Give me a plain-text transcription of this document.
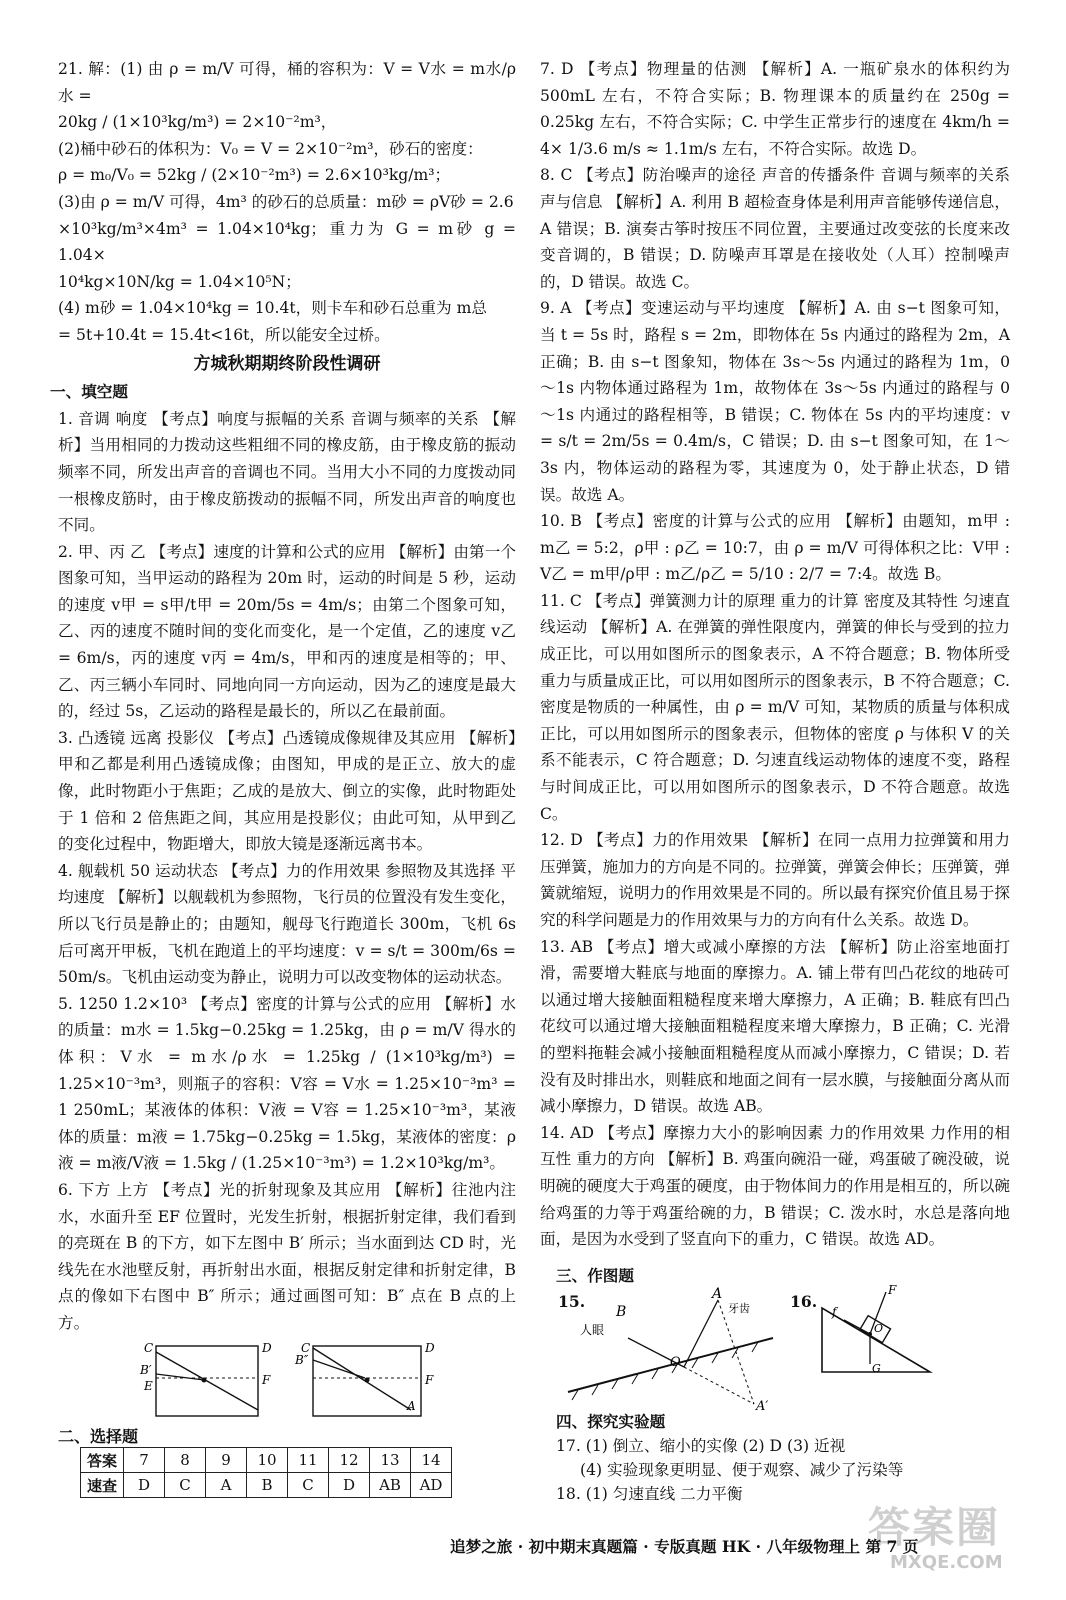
21. 解：(1) 由 ρ = m/V 可得，桶的容积为：V = V水 = m水/ρ水 =

20kg / (1×10³kg/m³) = 2×10⁻²m³，

(2)桶中砂石的体积为：V₀ = V = 2×10⁻²m³，砂石的密度：

ρ = m₀/V₀ = 52kg / (2×10⁻²m³) = 2.6×10³kg/m³；

(3)由 ρ = m/V 可得，4m³ 的砂石的总质量：m砂 = ρV砂 = 2.6

×10³kg/m³×4m³ = 1.04×10⁴kg；重力为 G = m砂 g = 1.04×

10⁴kg×10N/kg = 1.04×10⁵N；

(4) m砂 = 1.04×10⁴kg = 10.4t，则卡车和砂石总重为 m总

= 5t+10.4t = 15.4t<16t，所以能安全过桥。

方城秋期期终阶段性调研
一、填空题

1. 音调 响度 【考点】响度与振幅的关系 音调与频率的关系 【解析】当用相同的力拨动这些粗细不同的橡皮筋，由于橡皮筋的振动频率不同，所发出声音的音调也不同。当用大小不同的力度拨动同一根橡皮筋时，由于橡皮筋拨动的振幅不同，所发出声音的响度也不同。

2. 甲、丙 乙 【考点】速度的计算和公式的应用 【解析】由第一个图象可知，当甲运动的路程为 20m 时，运动的时间是 5 秒，运动的速度 v甲 = s甲/t甲 = 20m/5s = 4m/s；由第二个图象可知，乙、丙的速度不随时间的变化而变化，是一个定值，乙的速度 v乙 = 6m/s，丙的速度 v丙 = 4m/s，甲和丙的速度是相等的；甲、乙、丙三辆小车同时、同地向同一方向运动，因为乙的速度是最大的，经过 5s，乙运动的路程是最长的，所以乙在最前面。

3. 凸透镜 远离 投影仪 【考点】凸透镜成像规律及其应用 【解析】甲和乙都是利用凸透镜成像；由图知，甲成的是正立、放大的虚像，此时物距小于焦距；乙成的是放大、倒立的实像，此时物距处于 1 倍和 2 倍焦距之间，其应用是投影仪；由此可知，从甲到乙的变化过程中，物距增大，即放大镜是逐渐远离书本。

4. 舰载机 50 运动状态 【考点】力的作用效果 参照物及其选择 平均速度 【解析】以舰载机为参照物，飞行员的位置没有发生变化，所以飞行员是静止的；由题知，舰母飞行跑道长 300m，飞机 6s 后可离开甲板，飞机在跑道上的平均速度：v = s/t = 300m/6s = 50m/s。飞机由运动变为静止，说明力可以改变物体的运动状态。

5. 1250 1.2×10³ 【考点】密度的计算与公式的应用 【解析】水的质量：m水 = 1.5kg−0.25kg = 1.25kg，由 ρ = m/V 得水的体积：V水 = m水/ρ水 = 1.25kg / (1×10³kg/m³) = 1.25×10⁻³m³，则瓶子的容积：V容 = V水 = 1.25×10⁻³m³ = 1 250mL；某液体的体积：V液 = V容 = 1.25×10⁻³m³，某液体的质量：m液 = 1.75kg−0.25kg = 1.5kg，某液体的密度：ρ液 = m液/V液 = 1.5kg / (1.25×10⁻³m³) = 1.2×10³kg/m³。

6. 下方 上方 【考点】光的折射现象及其应用 【解析】往池内注水，水面升至 EF 位置时，光发生折射，根据折射定律，我们看到的亮斑在 B 的下方，如下左图中 B′ 所示；当水面到达 CD 时，光线先在水池壁反射，再折射出水面，根据反射定律和折射定律，B 点的像如下右图中 B″ 所示；通过画图可知：B″ 点在 B 点的上方。

C	D
B′
E	F
C	D
B″
F
A
二、选择题
答案	7	8	9	10	11	12	13	14
速查	D	C	A	B	C	D	AB	AD

7. D 【考点】物理量的估测 【解析】A. 一瓶矿泉水的体积约为 500mL 左右，不符合实际；B. 物理课本的质量约在 250g = 0.25kg 左右，不符合实际；C. 中学生正常步行的速度在 4km/h = 4× 1/3.6 m/s ≈ 1.1m/s 左右，不符合实际。故选 D。

8. C 【考点】防治噪声的途径 声音的传播条件 音调与频率的关系 声与信息 【解析】A. 利用 B 超检查身体是利用声音能够传递信息，A 错误；B. 演奏古筝时按压不同位置，主要通过改变弦的长度来改变音调的，B 错误；D. 防噪声耳罩是在接收处（人耳）控制噪声的，D 错误。故选 C。

9. A 【考点】变速运动与平均速度 【解析】A. 由 s−t 图象可知，当 t = 5s 时，路程 s = 2m，即物体在 5s 内通过的路程为 2m，A 正确；B. 由 s−t 图象知，物体在 3s～5s 内通过的路程为 1m，0～1s 内物体通过路程为 1m，故物体在 3s～5s 内通过的路程与 0～1s 内通过的路程相等，B 错误；C. 物体在 5s 内的平均速度：v = s/t = 2m/5s = 0.4m/s，C 错误；D. 由 s−t 图象可知，在 1～3s 内，物体运动的路程为零，其速度为 0，处于静止状态，D 错误。故选 A。

10. B 【考点】密度的计算与公式的应用 【解析】由题知，m甲 : m乙 = 5:2，ρ甲 : ρ乙 = 10:7，由 ρ = m/V 可得体积之比：V甲 : V乙 = m甲/ρ甲 : m乙/ρ乙 = 5/10 : 2/7 = 7:4。故选 B。

11. C 【考点】弹簧测力计的原理 重力的计算 密度及其特性 匀速直线运动 【解析】A. 在弹簧的弹性限度内，弹簧的伸长与受到的拉力成正比，可以用如图所示的图象表示，A 不符合题意；B. 物体所受重力与质量成正比，可以用如图所示的图象表示，B 不符合题意；C. 密度是物质的一种属性，由 ρ = m/V 可知，某物质的质量与体积成正比，可以用如图所示的图象表示，但物体的密度 ρ 与体积 V 的关系不能表示，C 符合题意；D. 匀速直线运动物体的速度不变，路程与时间成正比，可以用如图所示的图象表示，D 不符合题意。故选 C。

12. D 【考点】力的作用效果 【解析】在同一点用力拉弹簧和用力压弹簧，施加力的方向是不同的。拉弹簧，弹簧会伸长；压弹簧，弹簧就缩短，说明力的作用效果是不同的。所以最有探究价值且易于探究的科学问题是力的作用效果与力的方向有什么关系。故选 D。

13. AB 【考点】增大或减小摩擦的方法 【解析】防止浴室地面打滑，需要增大鞋底与地面的摩擦力。A. 铺上带有凹凸花纹的地砖可以通过增大接触面粗糙程度来增大摩擦力，A 正确；B. 鞋底有凹凸花纹可以通过增大接触面粗糙程度来增大摩擦力，B 正确；C. 光滑的塑料拖鞋会减小接触面粗糙程度从而减小摩擦力，C 错误；D. 若没有及时排出水，则鞋底和地面之间有一层水膜，与接触面分离从而减小摩擦力，D 错误。故选 AB。

14. AD 【考点】摩擦力大小的影响因素 力的作用效果 力作用的相互性 重力的方向 【解析】B. 鸡蛋向碗沿一碰，鸡蛋破了碗没破，说明碗的硬度大于鸡蛋的硬度，由于物体间力的作用是相互的，所以碗给鸡蛋的力等于鸡蛋给碗的力，B 错误；C. 泼水时，水总是落向地面，是因为水受到了竖直向下的重力，C 错误。故选 AD。

三、作图题
15.	16.
B
人眼
A
牙齿
O
A′
F
f
G
O
四、探究实验题
17. (1) 倒立、缩小的实像 (2) D (3) 近视
(4) 实验现象更明显、便于观察、减少了污染等
18. (1) 匀速直线 二力平衡
答案圈
MXQE.COM
追梦之旅 · 初中期末真题篇 · 专版真题 HK · 八年级物理上 第 7 页
